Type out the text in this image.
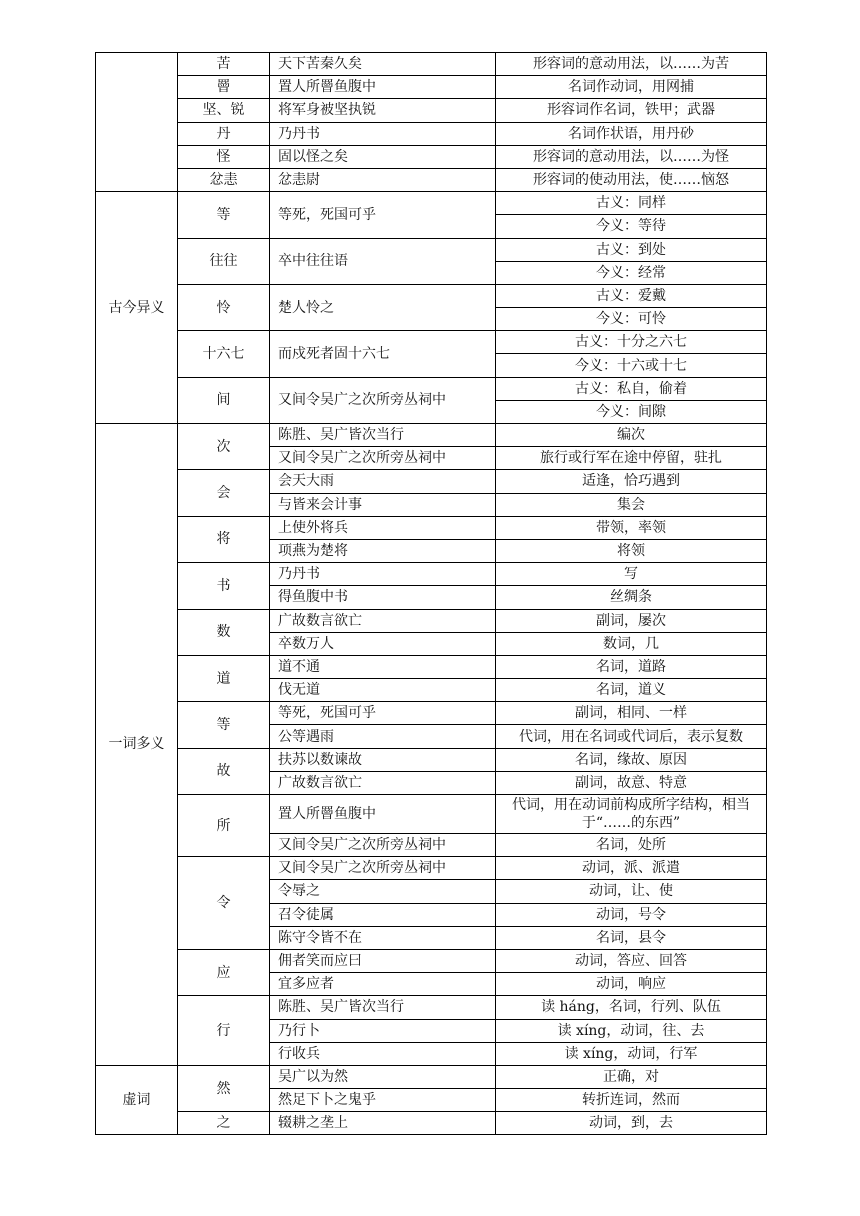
	苦	天下苦秦久矣	形容词的意动用法，以……为苦
	罾	置人所罾鱼腹中	名词作动词，用网捕
	坚、锐	将军身被坚执锐	形容词作名词，铁甲；武器
	丹	乃丹书	名词作状语，用丹砂
	怪	固以怪之矣	形容词的意动用法，以……为怪
	忿恚	忿恚尉	形容词的使动用法，使……恼怒
古今异义	等	等死，死国可乎	古义：同样
			今义：等待
	往往	卒中往往语	古义：到处
			今义：经常
	怜	楚人怜之	古义：爱戴
			今义：可怜
	十六七	而戍死者固十六七	古义：十分之六七
			今义：十六或十七
	间	又间令吴广之次所旁丛祠中	古义：私自，偷着
			今义：间隙
一词多义	次	陈胜、吴广皆次当行	编次
		又间令吴广之次所旁丛祠中	旅行或行军在途中停留，驻扎
	会	会天大雨	适逢，恰巧遇到
		与皆来会计事	集会
	将	上使外将兵	带领，率领
		项燕为楚将	将领
	书	乃丹书	写
		得鱼腹中书	丝绸条
	数	广故数言欲亡	副词，屡次
		卒数万人	数词，几
	道	道不通	名词，道路
		伐无道	名词，道义
	等	等死，死国可乎	副词，相同、一样
		公等遇雨	代词，用在名词或代词后，表示复数
	故	扶苏以数谏故	名词，缘故、原因
		广故数言欲亡	副词，故意、特意
	所	置人所罾鱼腹中	代词，用在动词前构成所字结构，相当于“……的东西”
		又间令吴广之次所旁丛祠中	名词，处所
	令	又间令吴广之次所旁丛祠中	动词，派、派遣
		令辱之	动词，让、使
		召令徒属	动词，号令
		陈守令皆不在	名词，县令
	应	佣者笑而应曰	动词，答应、回答
		宜多应者	动词，响应
	行	陈胜、吴广皆次当行	读 háng，名词，行列、队伍
		乃行卜	读 xíng，动词，往、去
		行收兵	读 xíng，动词，行军
虚词	然	吴广以为然	正确，对
		然足下卜之鬼乎	转折连词，然而
	之	辍耕之垄上	动词，到，去
